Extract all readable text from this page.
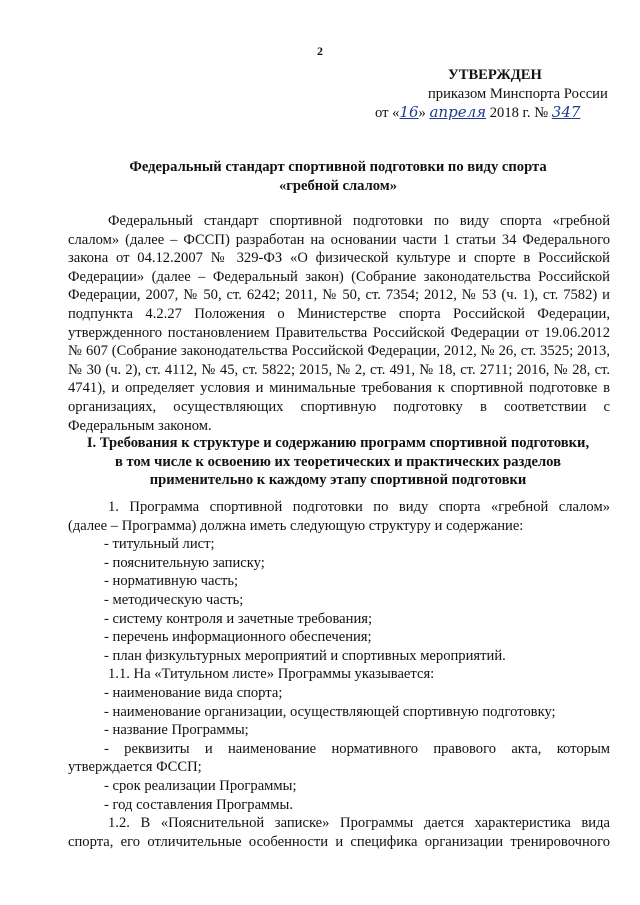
2
УТВЕРЖДЕН
приказом Минспорта России
от «16» апреля 2018 г. № 347
Федеральный стандарт спортивной подготовки по виду спорта
«гребной слалом»

Федеральный стандарт спортивной подготовки по виду спорта «гребной слалом» (далее – ФССП) разработан на основании части 1 статьи 34 Федерального закона от 04.12.2007 № 329-ФЗ «О физической культуре и спорте в Российской Федерации» (далее – Федеральный закон) (Собрание законодательства Российской Федерации, 2007, № 50, ст. 6242; 2011, № 50, ст. 7354; 2012, № 53 (ч. 1), ст. 7582) и подпункта 4.2.27 Положения о Министерстве спорта Российской Федерации, утвержденного постановлением Правительства Российской Федерации от 19.06.2012 № 607 (Собрание законодательства Российской Федерации, 2012, № 26, ст. 3525; 2013, № 30 (ч. 2), ст. 4112, № 45, ст. 5822; 2015, № 2, ст. 491, № 18, ст. 2711; 2016, № 28, ст. 4741), и определяет условия и минимальные требования к спортивной подготовке в организациях, осуществляющих спортивную подготовку в соответствии с Федеральным законом.

I. Требования к структуре и содержанию программ спортивной подготовки,
в том числе к освоению их теоретических и практических разделов
применительно к каждому этапу спортивной подготовки
1. Программа спортивной подготовки по виду спорта «гребной слалом»
(далее – Программа) должна иметь следующую структуру и содержание:
- титульный лист;
- пояснительную записку;
- нормативную часть;
- методическую часть;
- систему контроля и зачетные требования;
- перечень информационного обеспечения;
- план физкультурных мероприятий и спортивных мероприятий.
1.1. На «Титульном листе» Программы указывается:
- наименование вида спорта;
- наименование организации, осуществляющей спортивную подготовку;
- название Программы;
- реквизиты и наименование нормативного правового акта, которым
утверждается ФССП;
- срок реализации Программы;
- год составления Программы.
1.2. В «Пояснительной записке» Программы дается характеристика вида
спорта, его отличительные особенности и специфика организации тренировочного
